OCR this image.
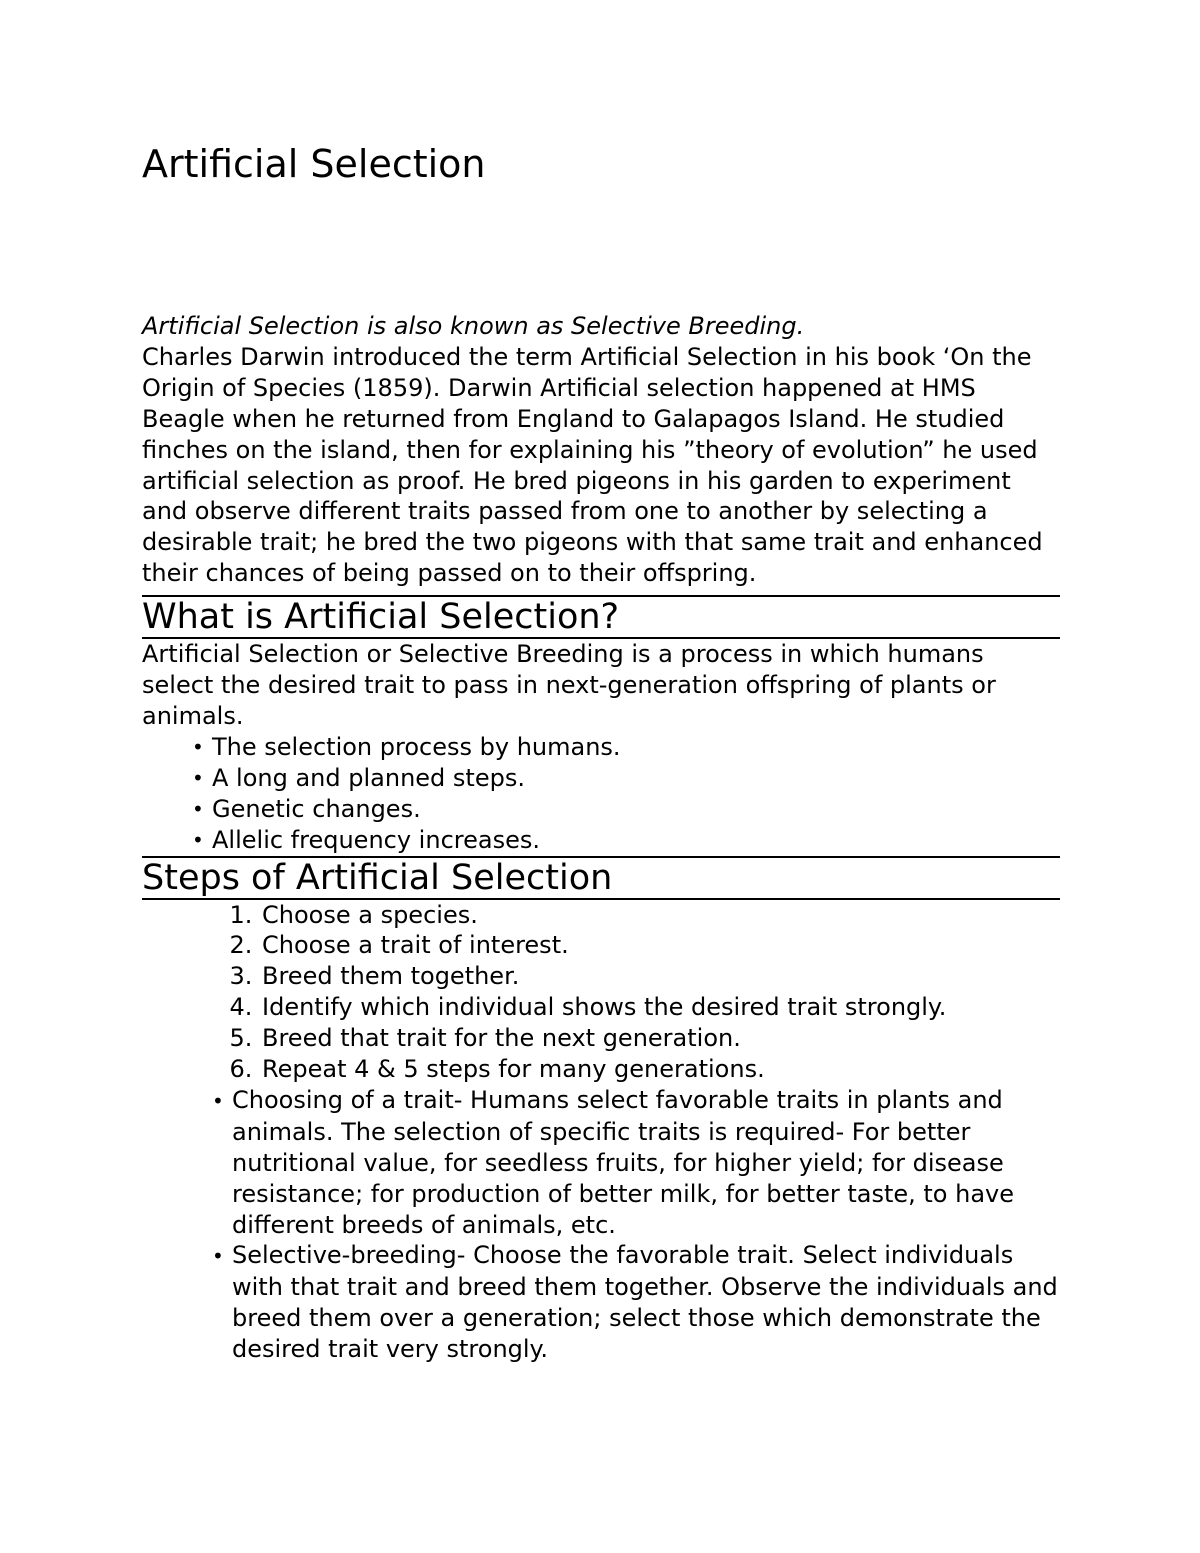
Artificial Selection

Artificial Selection is also known as Selective Breeding.

Charles Darwin introduced the term Artificial Selection in his book ‘On the Origin of Species (1859). Darwin Artificial selection happened at HMS Beagle when he returned from England to Galapagos Island. He studied finches on the island, then for explaining his ”theory of evolution” he used artificial selection as proof. He bred pigeons in his garden to experiment and observe different traits passed from one to another by selecting a desirable trait; he bred the two pigeons with that same trait and enhanced their chances of being passed on to their offspring.

What is Artificial Selection?

Artificial Selection or Selective Breeding is a process in which humans select the desired trait to pass in next-generation offspring of plants or animals.

• The selection process by humans.
• A long and planned steps.
• Genetic changes.
• Allelic frequency increases.
Steps of Artificial Selection
1. Choose a species.
2. Choose a trait of interest.
3. Breed them together.
4. Identify which individual shows the desired trait strongly.
5. Breed that trait for the next generation.
6. Repeat 4 & 5 steps for many generations.
• Choosing of a trait- Humans select favorable traits in plants and animals. The selection of specific traits is required- For better nutritional value, for seedless fruits, for higher yield; for disease resistance; for production of better milk, for better taste, to have different breeds of animals, etc.
• Selective-breeding- Choose the favorable trait. Select individuals with that trait and breed them together. Observe the individuals and breed them over a generation; select those which demonstrate the desired trait very strongly.
